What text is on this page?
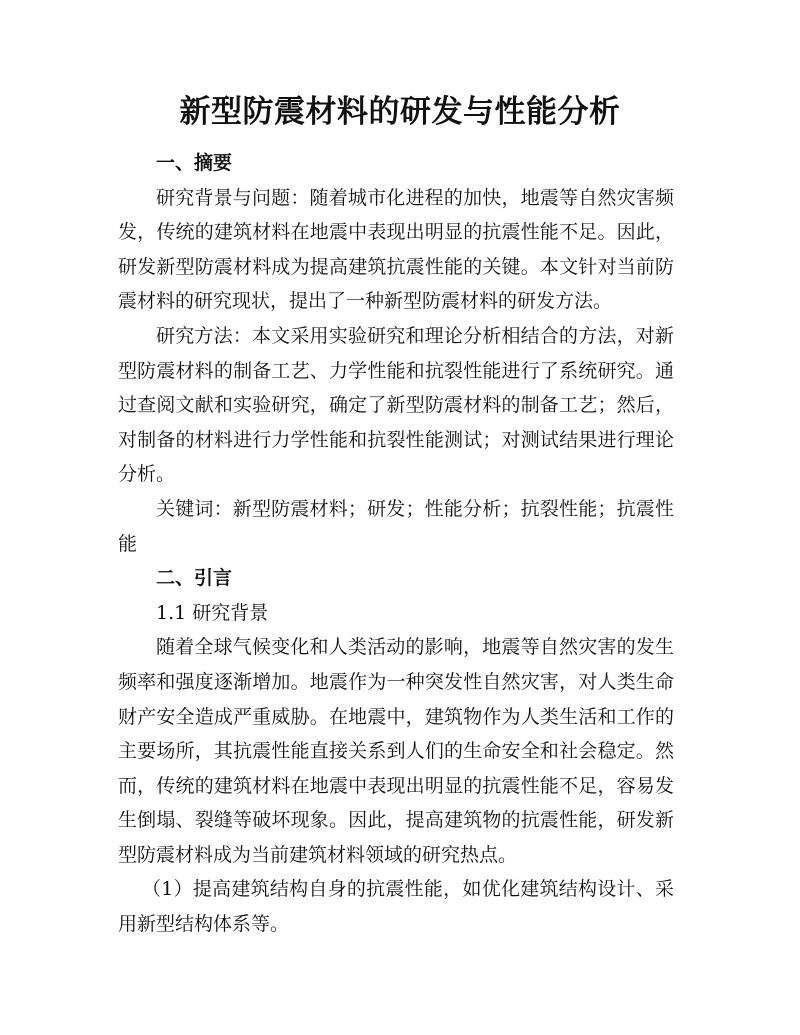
新型防震材料的研发与性能分析
一、摘要

研究背景与问题：随着城市化进程的加快，地震等自然灾害频发，传统的建筑材料在地震中表现出明显的抗震性能不足。因此，研发新型防震材料成为提高建筑抗震性能的关键。本文针对当前防震材料的研究现状，提出了一种新型防震材料的研发方法。

研究方法：本文采用实验研究和理论分析相结合的方法，对新型防震材料的制备工艺、力学性能和抗裂性能进行了系统研究。通过查阅文献和实验研究，确定了新型防震材料的制备工艺；然后，对制备的材料进行力学性能和抗裂性能测试；对测试结果进行理论分析。

关键词：新型防震材料；研发；性能分析；抗裂性能；抗震性能

二、引言

1.1 研究背景

随着全球气候变化和人类活动的影响，地震等自然灾害的发生频率和强度逐渐增加。地震作为一种突发性自然灾害，对人类生命财产安全造成严重威胁。在地震中，建筑物作为人类生活和工作的主要场所，其抗震性能直接关系到人们的生命安全和社会稳定。然而，传统的建筑材料在地震中表现出明显的抗震性能不足，容易发生倒塌、裂缝等破坏现象。因此，提高建筑物的抗震性能，研发新型防震材料成为当前建筑材料领域的研究热点。

（1）提高建筑结构自身的抗震性能，如优化建筑结构设计、采用新型结构体系等。
